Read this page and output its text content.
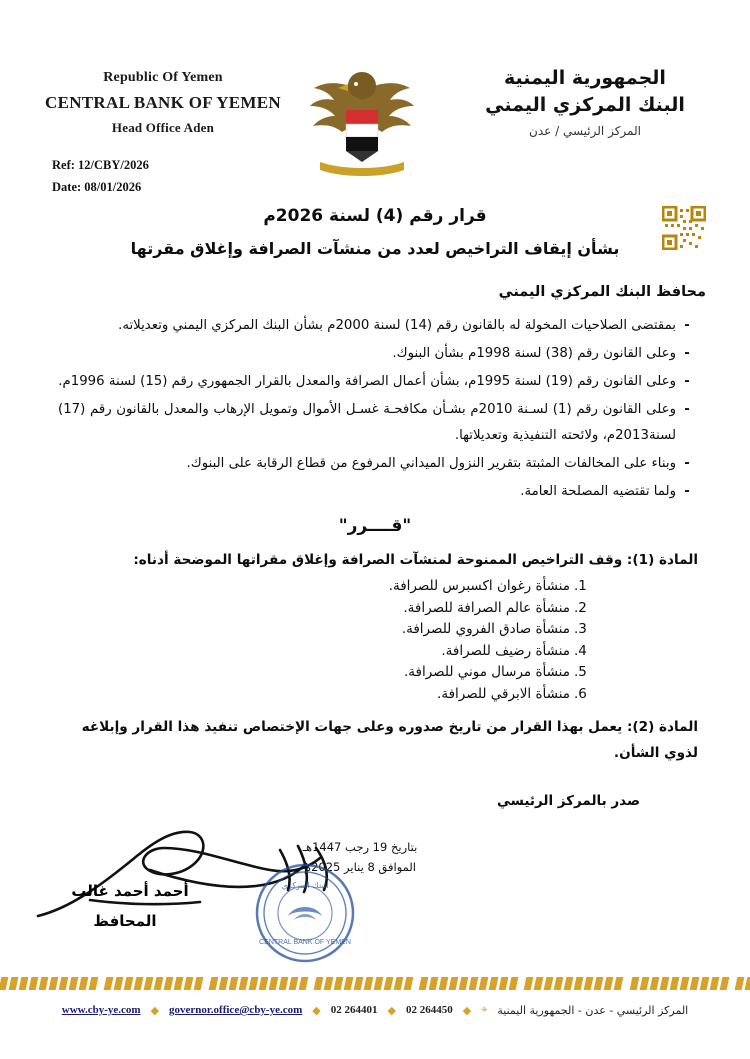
Republic Of Yemen
CENTRAL BANK OF YEMEN
Head Office Aden
Ref: 12/CBY/2026
Date: 08/01/2026
الجمهورية اليمنية
البنك المركزي اليمني
المركز الرئيسي / عدن
قرار رقم (4) لسنة 2026م
بشأن إيقاف التراخيص لعدد من منشآت الصرافة وإغلاق مقرتها
محافظ البنك المركزي اليمني
-
بمقتضى الصلاحيات المخولة له بالقانون رقم (14) لسنة 2000م بشأن البنك المركزي اليمني وتعديلاته.
-
وعلى القانون رقم (38) لسنة 1998م بشأن البنوك.
-
وعلى القانون رقم (19) لسنة 1995م، بشأن أعمال الصرافة والمعدل بالقرار الجمهوري رقم (15) لسنة 1996م.
-
وعلى القانون رقم (1) لسـنة 2010م بشـأن مكافحـة غسـل الأموال وتمويل الإرهاب والمعدل بالقانون رقم (17) لسنة2013م، ولائحته التنفيذية وتعديلاتها.
-
وبناء على المخالفات المثبتة بتقرير النزول الميداني المرفوع من قطاع الرقابة على البنوك.
-
ولما تقتضيه المصلحة العامة.
"قــــرر"
المادة (1): وقف التراخيص الممنوحة لمنشآت الصرافة وإغلاق مقراتها الموضحة أدناه:
1.
منشأة رغوان اكسبرس للصرافة.
2.
منشأة عالم الصرافة للصرافة.
3.
منشأة صادق الفروي للصرافة.
4.
منشأة رضيف للصرافة.
5.
منشأة مرسال موني للصرافة.
6.
منشأة الابرقي للصرافة.
المادة (2): يعمل بهذا القرار من تاريخ صدوره وعلى جهات الإختصاص تنفيذ هذا القرار وإبلاغه لذوي الشأن.
صدر بالمركز الرئيسي
بتاريخ 19 رجب 1447هـ
الموافق 8 يناير 2025م
CENTRAL BANK OF YEMEN
البنك المركزي
أحمد أحمد غالب
المحافظ

www.cby-ye.com ◆ governor.office@cby-ye.com ◆ 02 264401 ◆ 02 264450 ◆ ⌖ المركز الرئيسي - عدن - الجمهورية اليمنية
